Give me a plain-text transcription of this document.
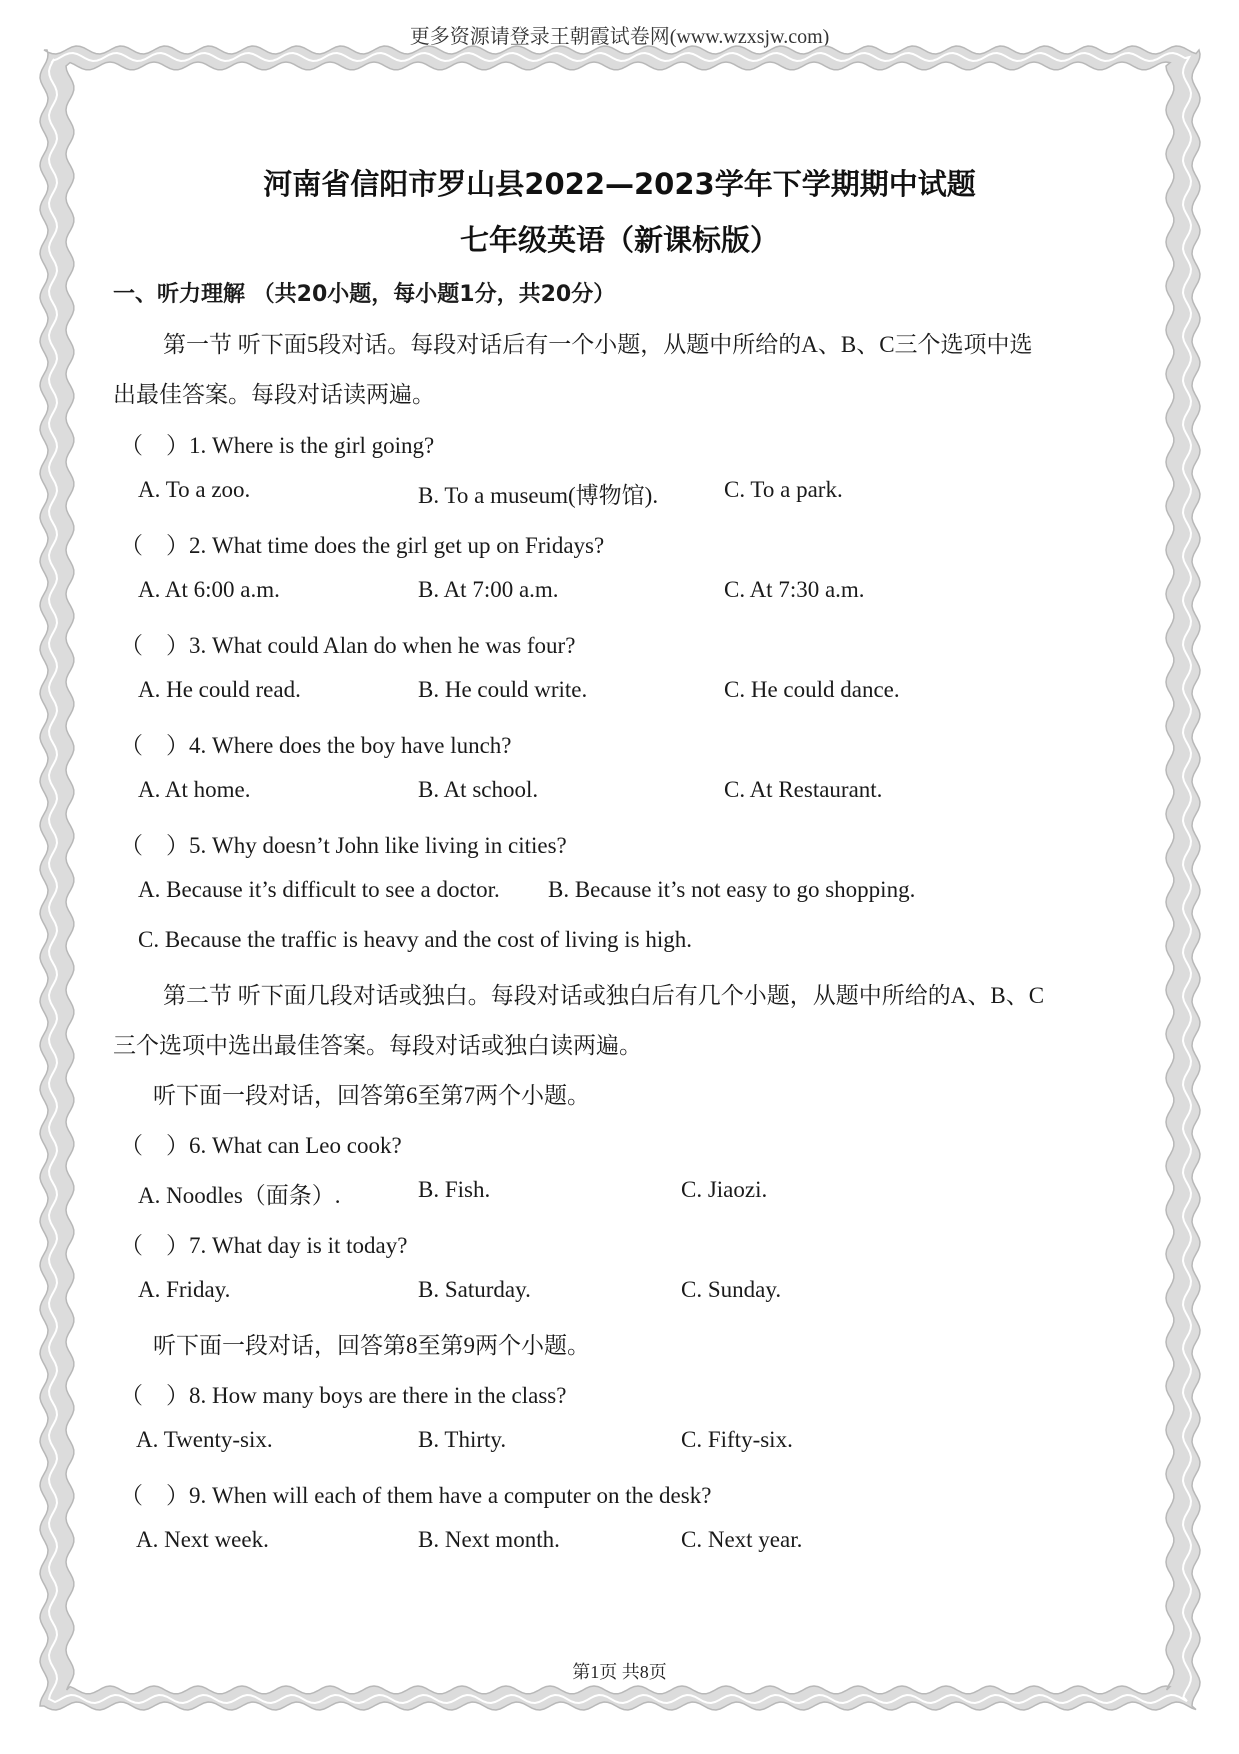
更多资源请登录王朝霞试卷网(www.wzxsjw.com)
河南省信阳市罗山县2022—2023学年下学期期中试题
七年级英语（新课标版）
一、听力理解 （共20小题，每小题1分，共20分）
第一节 听下面5段对话。每段对话后有一个小题，从题中所给的A、B、C三个选项中选
出最佳答案。每段对话读两遍。
（　）1. Where is the girl going?
A. To a zoo.	B. To a museum(博物馆).	C. To a park.
（　）2. What time does the girl get up on Fridays?
A. At 6:00 a.m.	B. At 7:00 a.m.	C. At 7:30 a.m.
（　）3. What could Alan do when he was four?
A. He could read.	B. He could write.	C. He could dance.
（　）4. Where does the boy have lunch?
A. At home.	B. At school.	C. At Restaurant.
（　）5. Why doesn’t John like living in cities?
A. Because it’s difficult to see a doctor. B. Because it’s not easy to go shopping.
C. Because the traffic is heavy and the cost of living is high.
第二节 听下面几段对话或独白。每段对话或独白后有几个小题，从题中所给的A、B、C
三个选项中选出最佳答案。每段对话或独白读两遍。
听下面一段对话，回答第6至第7两个小题。
（　）6. What can Leo cook?
A. Noodles（面条）.	B. Fish.	C. Jiaozi.
（　）7. What day is it today?
A. Friday.	B. Saturday.	C. Sunday.
听下面一段对话，回答第8至第9两个小题。
（　）8. How many boys are there in the class?
A. Twenty-six.	B. Thirty.	C. Fifty-six.
（　）9. When will each of them have a computer on the desk?
A. Next week.	B. Next month.	C. Next year.
第1页 共8页
